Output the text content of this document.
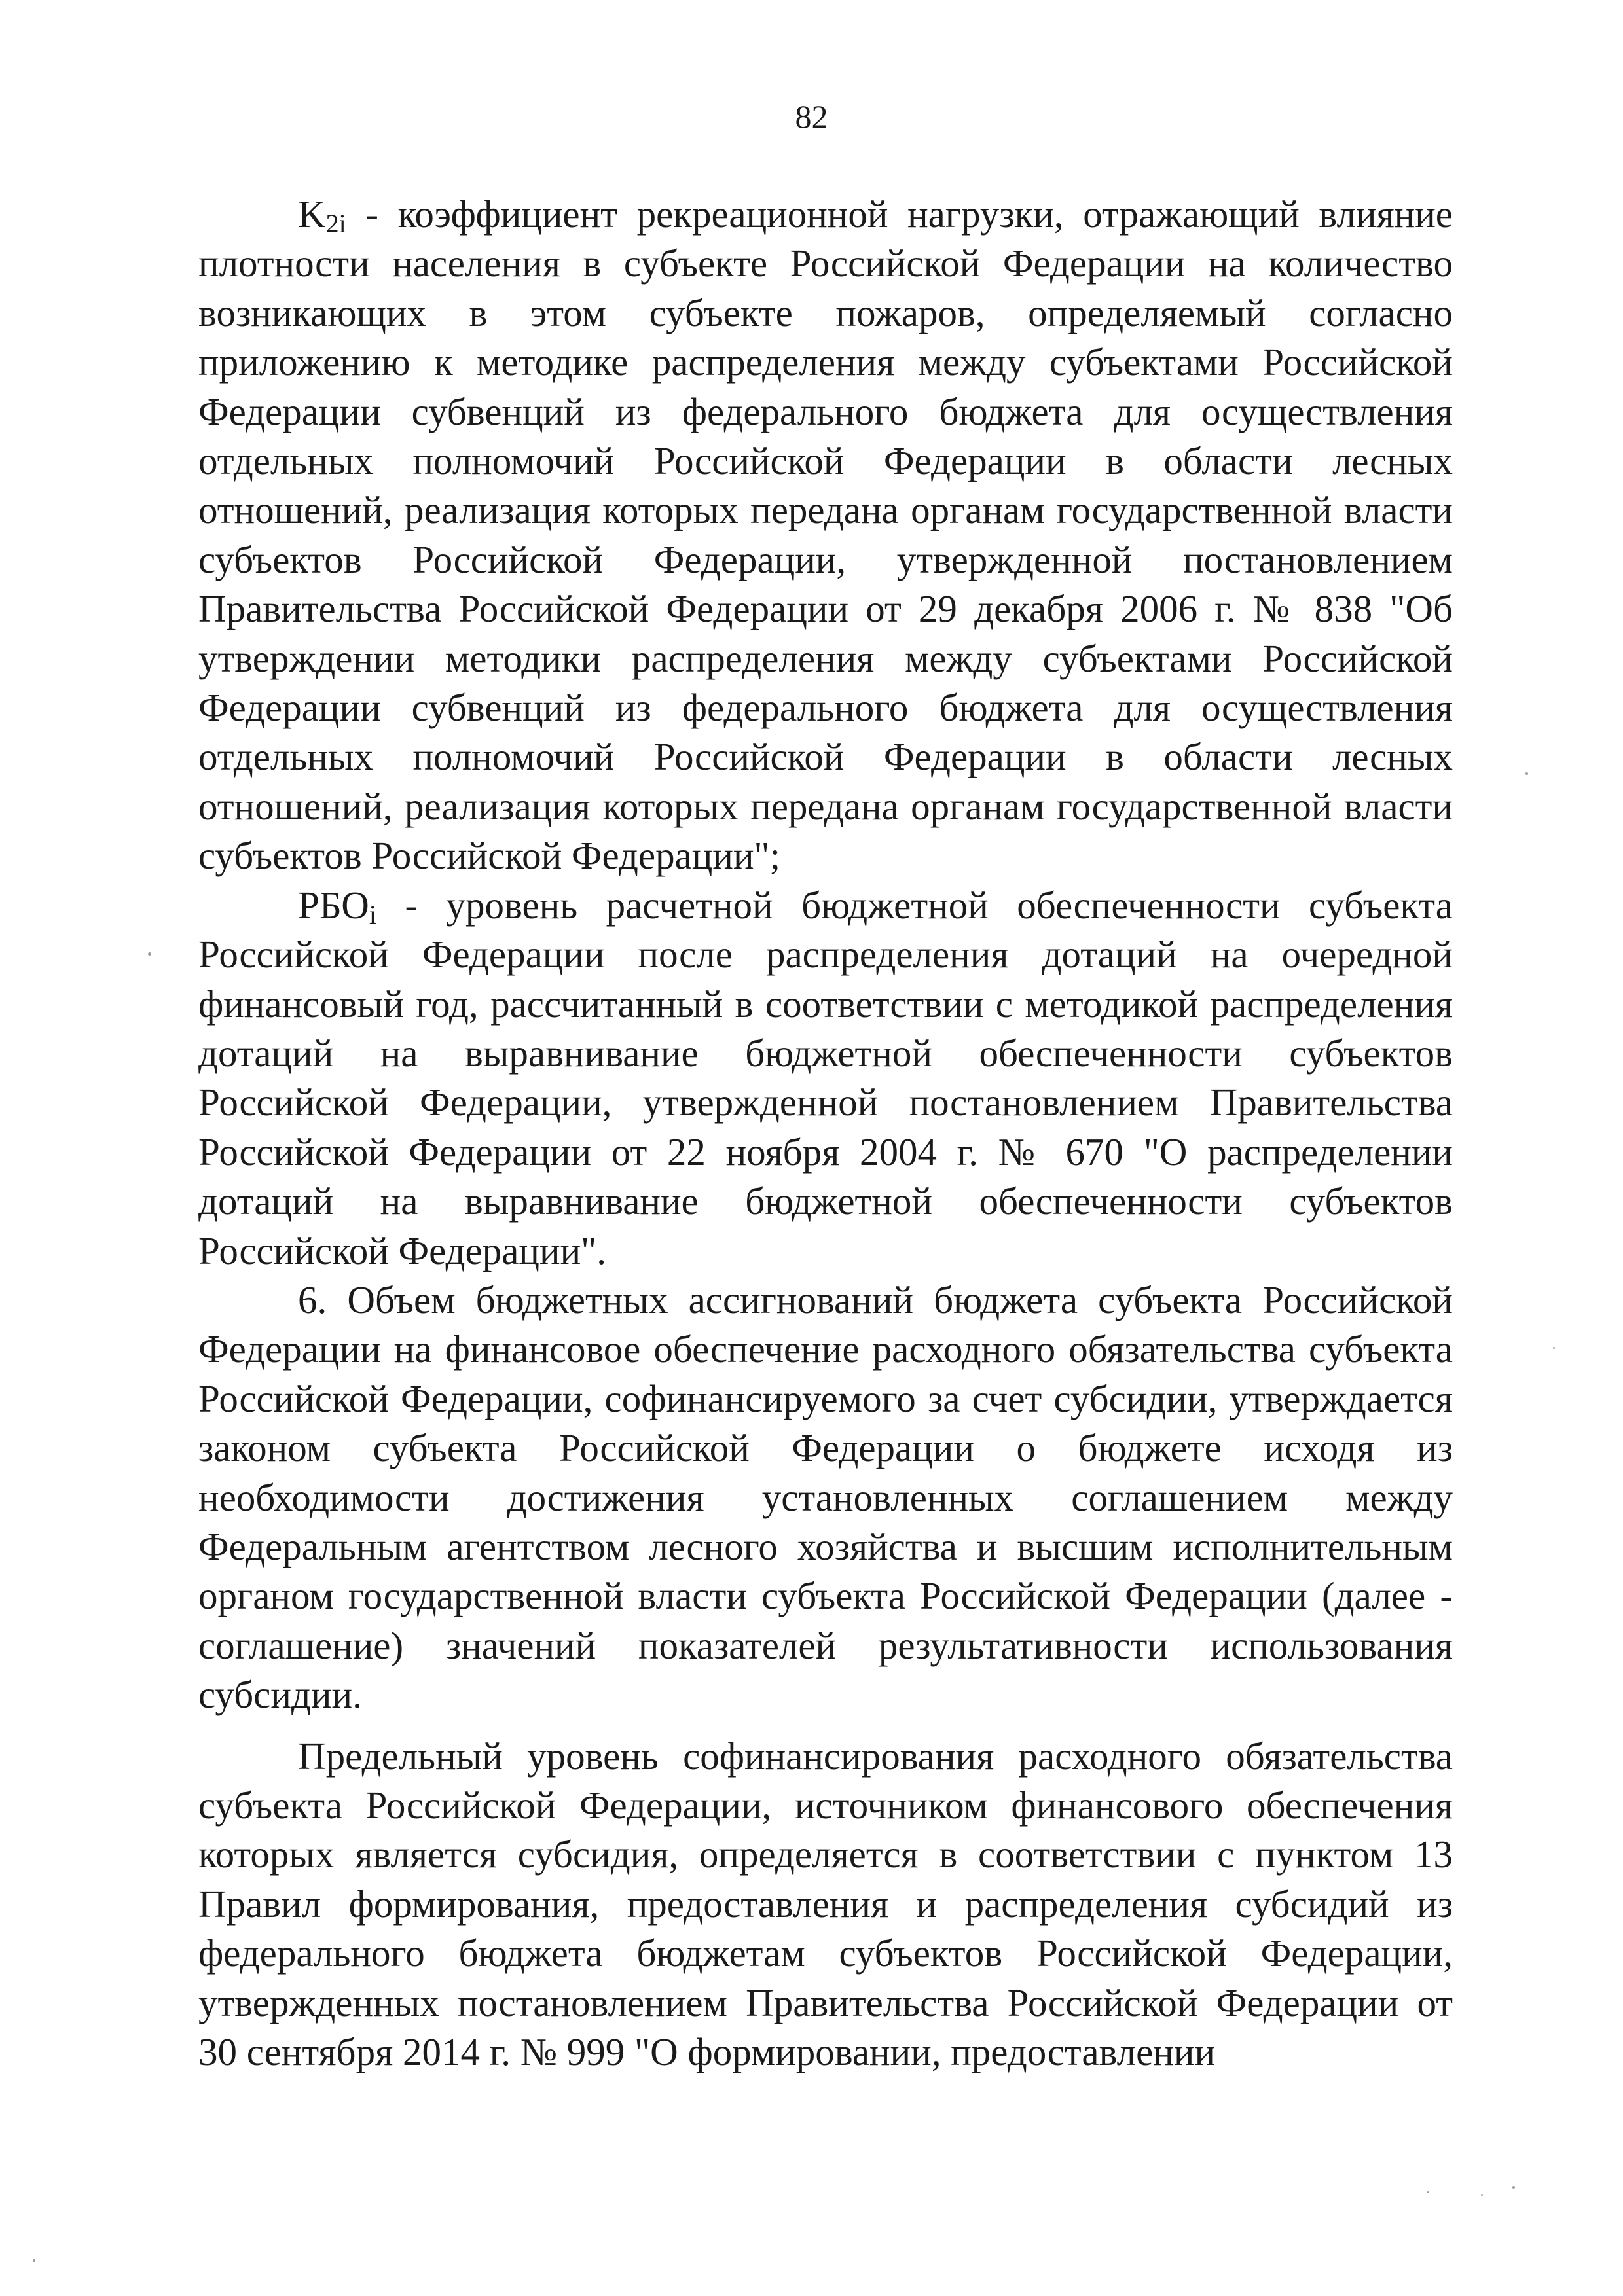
82

$K_{2i}$ - коэффициент рекреационной нагрузки, отражающий влияние плотности населения в субъекте Российской Федерации на количество возникающих в этом субъекте пожаров, определяемый согласно приложению к методике распределения между субъектами Российской Федерации субвенций из федерального бюджета для осуществления отдельных полномочий Российской Федерации в области лесных отношений, реализация которых передана органам государственной власти субъектов Российской Федерации, утвержденной постановлением Правительства Российской Федерации от 29 декабря 2006 г. № 838 "Об утверждении методики распределения между субъектами Российской Федерации субвенций из федерального бюджета для осуществления отдельных полномочий Российской Федерации в области лесных отношений, реализация которых передана органам государственной власти субъектов Российской Федерации";

$РБО_i$ - уровень расчетной бюджетной обеспеченности субъекта Российской Федерации после распределения дотаций на очередной финансовый год, рассчитанный в соответствии с методикой распределения дотаций на выравнивание бюджетной обеспеченности субъектов Российской Федерации, утвержденной постановлением Правительства Российской Федерации от 22 ноября 2004 г. № 670 "О распределении дотаций на выравнивание бюджетной обеспеченности субъектов Российской Федерации".

6. Объем бюджетных ассигнований бюджета субъекта Российской Федерации на финансовое обеспечение расходного обязательства субъекта Российской Федерации, софинансируемого за счет субсидии, утверждается законом субъекта Российской Федерации о бюджете исходя из необходимости достижения установленных соглашением между Федеральным агентством лесного хозяйства и высшим исполнительным органом государственной власти субъекта Российской Федерации (далее - соглашение) значений показателей результативности использования субсидии.

Предельный уровень софинансирования расходного обязательства субъекта Российской Федерации, источником финансового обеспечения которых является субсидия, определяется в соответствии с пунктом 13 Правил формирования, предоставления и распределения субсидий из федерального бюджета бюджетам субъектов Российской Федерации, утвержденных постановлением Правительства Российской Федерации от 30 сентября 2014 г. № 999 "О формировании, предоставлении
